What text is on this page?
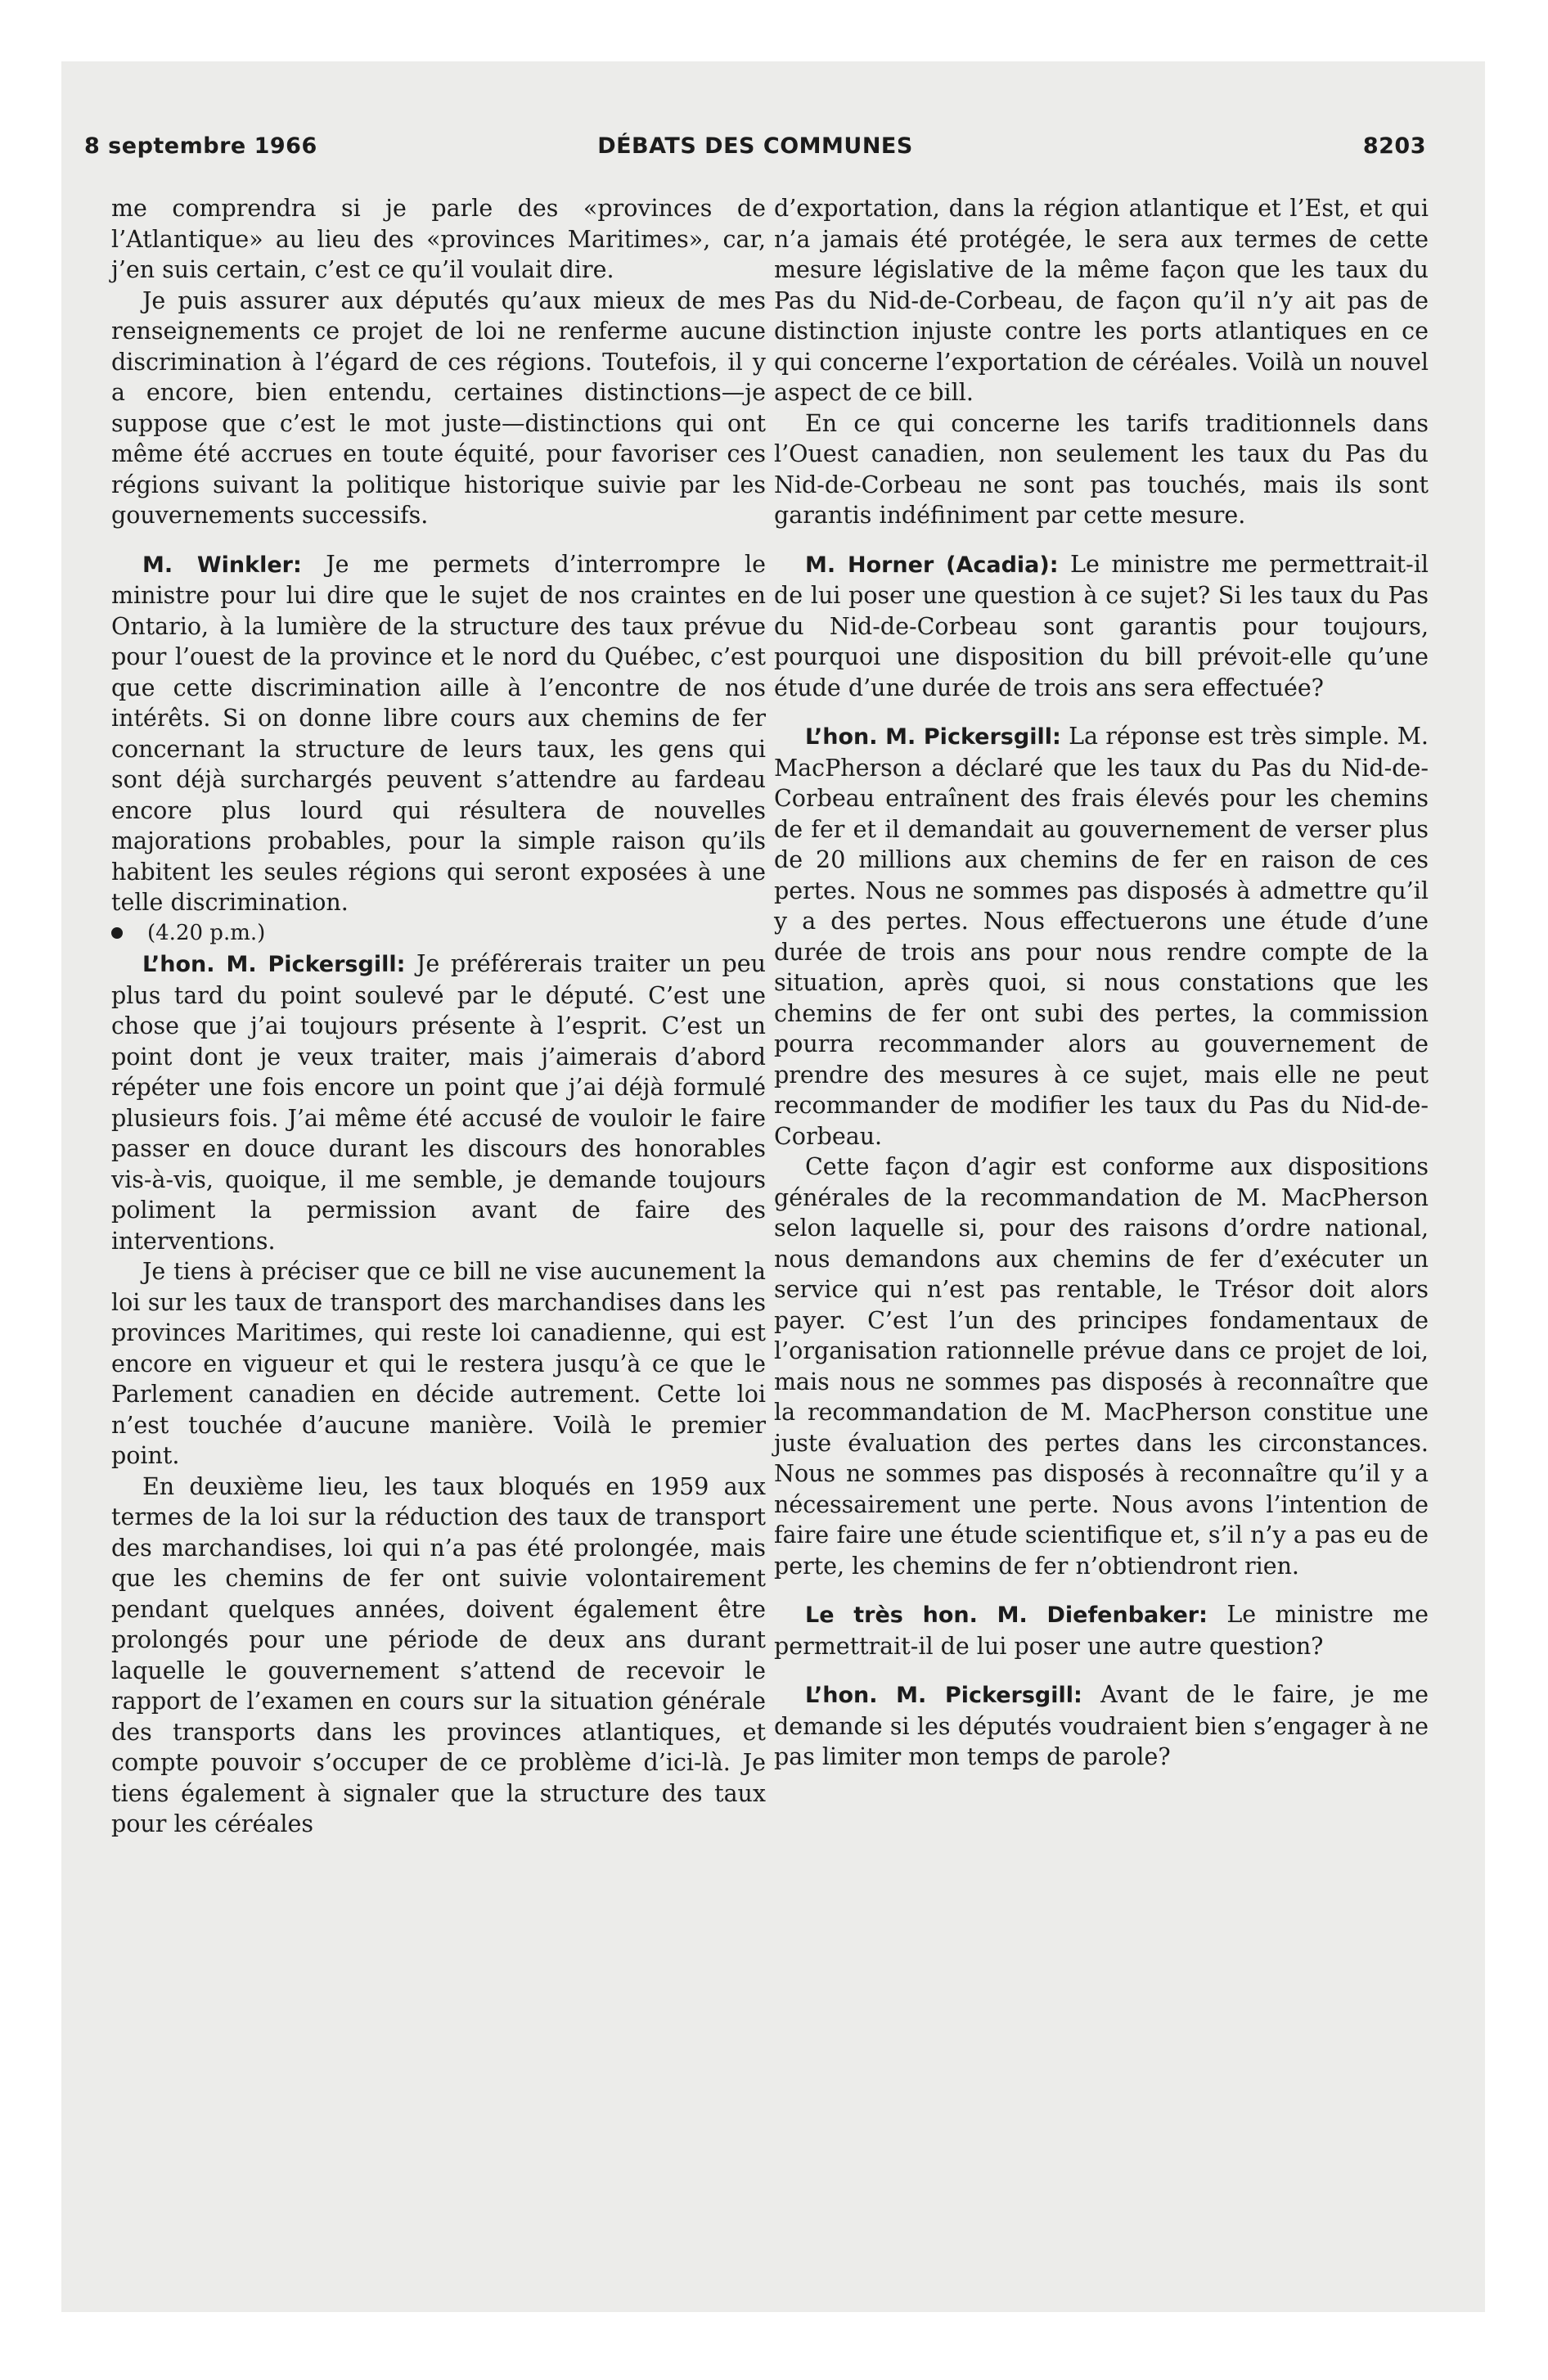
8 septembre 1966	DÉBATS DES COMMUNES	8203

me comprendra si je parle des «provinces de l’Atlantique» au lieu des «provinces Maritimes», car, j’en suis certain, c’est ce qu’il voulait dire.

Je puis assurer aux députés qu’aux mieux de mes renseignements ce projet de loi ne renferme aucune discrimination à l’égard de ces régions. Toutefois, il y a encore, bien entendu, certaines distinctions—je suppose que c’est le mot juste—distinctions qui ont même été accrues en toute équité, pour favoriser ces régions suivant la politique historique suivie par les gouvernements successifs.

M. Winkler: Je me permets d’interrompre le ministre pour lui dire que le sujet de nos craintes en Ontario, à la lumière de la structure des taux prévue pour l’ouest de la province et le nord du Québec, c’est que cette discrimination aille à l’encontre de nos intérêts. Si on donne libre cours aux chemins de fer concernant la structure de leurs taux, les gens qui sont déjà surchargés peuvent s’attendre au fardeau encore plus lourd qui résultera de nouvelles majorations probables, pour la simple raison qu’ils habitent les seules régions qui seront exposées à une telle discrimination.

(4.20 p.m.)

L’hon. M. Pickersgill: Je préférerais traiter un peu plus tard du point soulevé par le député. C’est une chose que j’ai toujours présente à l’esprit. C’est un point dont je veux traiter, mais j’aimerais d’abord répéter une fois encore un point que j’ai déjà formulé plusieurs fois. J’ai même été accusé de vouloir le faire passer en douce durant les discours des honorables vis-à-vis, quoique, il me semble, je demande toujours poliment la permission avant de faire des interventions.

Je tiens à préciser que ce bill ne vise aucunement la loi sur les taux de transport des marchandises dans les provinces Maritimes, qui reste loi canadienne, qui est encore en vigueur et qui le restera jusqu’à ce que le Parlement canadien en décide autrement. Cette loi n’est touchée d’aucune manière. Voilà le premier point.

En deuxième lieu, les taux bloqués en 1959 aux termes de la loi sur la réduction des taux de transport des marchandises, loi qui n’a pas été prolongée, mais que les chemins de fer ont suivie volontairement pendant quelques années, doivent également être prolongés pour une période de deux ans durant laquelle le gouvernement s’attend de recevoir le rapport de l’examen en cours sur la situation générale des transports dans les provinces atlantiques, et compte pouvoir s’occuper de ce problème d’ici-là. Je tiens également à signaler que la structure des taux pour les céréales

d’exportation, dans la région atlantique et l’Est, et qui n’a jamais été protégée, le sera aux termes de cette mesure législative de la même façon que les taux du Pas du Nid-de-Corbeau, de façon qu’il n’y ait pas de distinction injuste contre les ports atlantiques en ce qui concerne l’exportation de céréales. Voilà un nouvel aspect de ce bill.

En ce qui concerne les tarifs traditionnels dans l’Ouest canadien, non seulement les taux du Pas du Nid-de-Corbeau ne sont pas touchés, mais ils sont garantis indéfiniment par cette mesure.

M. Horner (Acadia): Le ministre me permettrait-il de lui poser une question à ce sujet? Si les taux du Pas du Nid-de-Corbeau sont garantis pour toujours, pourquoi une disposition du bill prévoit-elle qu’une étude d’une durée de trois ans sera effectuée?

L’hon. M. Pickersgill: La réponse est très simple. M. MacPherson a déclaré que les taux du Pas du Nid-de-Corbeau entraînent des frais élevés pour les chemins de fer et il demandait au gouvernement de verser plus de 20 millions aux chemins de fer en raison de ces pertes. Nous ne sommes pas disposés à admettre qu’il y a des pertes. Nous effectuerons une étude d’une durée de trois ans pour nous rendre compte de la situation, après quoi, si nous constations que les chemins de fer ont subi des pertes, la commission pourra recommander alors au gouvernement de prendre des mesures à ce sujet, mais elle ne peut recommander de modifier les taux du Pas du Nid-de-Corbeau.

Cette façon d’agir est conforme aux dispositions générales de la recommandation de M. MacPherson selon laquelle si, pour des raisons d’ordre national, nous demandons aux chemins de fer d’exécuter un service qui n’est pas rentable, le Trésor doit alors payer. C’est l’un des principes fondamentaux de l’organisation rationnelle prévue dans ce projet de loi, mais nous ne sommes pas disposés à reconnaître que la recommandation de M. MacPherson constitue une juste évaluation des pertes dans les circonstances. Nous ne sommes pas disposés à reconnaître qu’il y a nécessairement une perte. Nous avons l’intention de faire faire une étude scientifique et, s’il n’y a pas eu de perte, les chemins de fer n’obtiendront rien.

Le très hon. M. Diefenbaker: Le ministre me permettrait-il de lui poser une autre question?

L’hon. M. Pickersgill: Avant de le faire, je me demande si les députés voudraient bien s’engager à ne pas limiter mon temps de parole?
